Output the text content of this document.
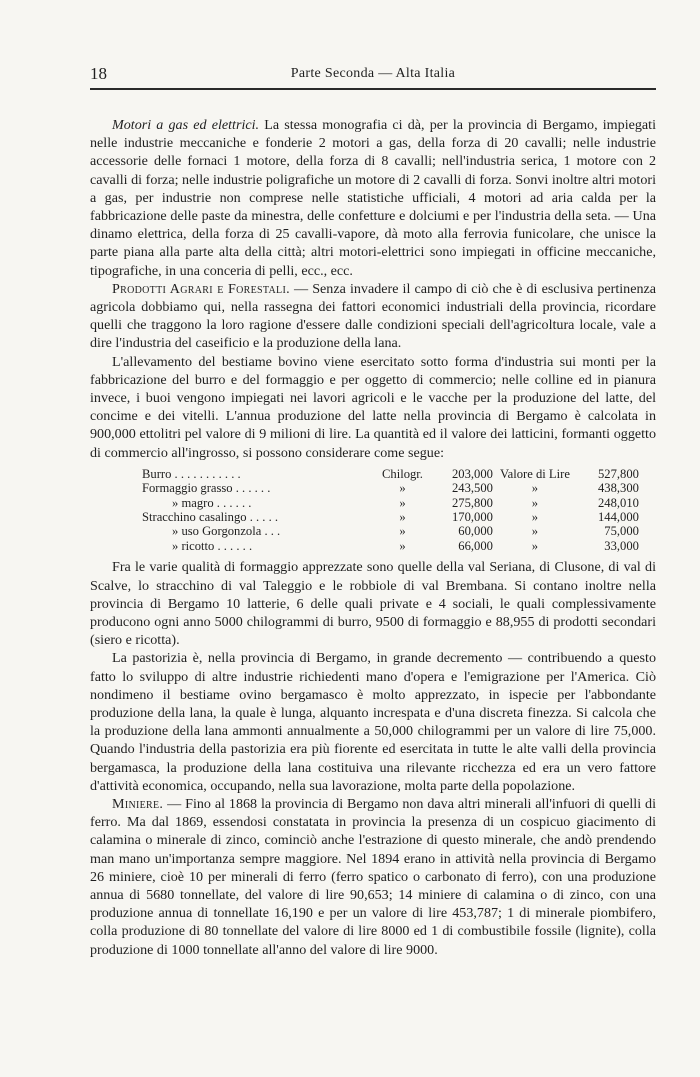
18	Parte Seconda — Alta Italia

Motori a gas ed elettrici. La stessa monografia ci dà, per la provincia di Bergamo, impiegati nelle industrie meccaniche e fonderie 2 motori a gas, della forza di 20 cavalli; nelle industrie accessorie delle fornaci 1 motore, della forza di 8 cavalli; nell'industria serica, 1 motore con 2 cavalli di forza; nelle industrie poligrafiche un motore di 2 cavalli di forza. Sonvi inoltre altri motori a gas, per industrie non comprese nelle statistiche ufficiali, 4 motori ad aria calda per la fabbricazione delle paste da minestra, delle confetture e dolciumi e per l'industria della seta. — Una dinamo elettrica, della forza di 25 cavalli-vapore, dà moto alla ferrovia funicolare, che unisce la parte piana alla parte alta della città; altri motori-elettrici sono impiegati in officine meccaniche, tipografiche, in una conceria di pelli, ecc., ecc.

Prodotti Agrari e Forestali. — Senza invadere il campo di ciò che è di esclusiva pertinenza agricola dobbiamo qui, nella rassegna dei fattori economici industriali della provincia, ricordare quelli che traggono la loro ragione d'essere dalle condizioni speciali dell'agricoltura locale, vale a dire l'industria del caseificio e la produzione della lana.

L'allevamento del bestiame bovino viene esercitato sotto forma d'industria sui monti per la fabbricazione del burro e del formaggio e per oggetto di commercio; nelle colline ed in pianura invece, i buoi vengono impiegati nei lavori agricoli e le vacche per la produzione del latte, del concime e dei vitelli. L'annua produzione del latte nella provincia di Bergamo è calcolata in 900,000 ettolitri pel valore di 9 milioni di lire. La quantità ed il valore dei latticini, formanti oggetto di commercio all'ingrosso, si possono considerare come segue:

Burro . . . . . . . . . . .	Chilogr.	203,000	Valore di Lire	527,800
Formaggio grasso . . . . . .	»	243,500	»	438,300
» magro . . . . . .	»	275,800	»	248,010
Stracchino casalingo . . . . .	»	170,000	»	144,000
» uso Gorgonzola . . .	»	60,000	»	75,000
» ricotto . . . . . .	»	66,000	»	33,000

Fra le varie qualità di formaggio apprezzate sono quelle della val Seriana, di Clusone, di val di Scalve, lo stracchino di val Taleggio e le robbiole di val Brembana. Si contano inoltre nella provincia di Bergamo 10 latterie, 6 delle quali private e 4 sociali, le quali complessivamente producono ogni anno 5000 chilogrammi di burro, 9500 di formaggio e 88,955 di prodotti secondari (siero e ricotta).

La pastorizia è, nella provincia di Bergamo, in grande decremento — contribuendo a questo fatto lo sviluppo di altre industrie richiedenti mano d'opera e l'emigrazione per l'America. Ciò nondimeno il bestiame ovino bergamasco è molto apprezzato, in ispecie per l'abbondante produzione della lana, la quale è lunga, alquanto increspata e d'una discreta finezza. Si calcola che la produzione della lana ammonti annualmente a 50,000 chilogrammi per un valore di lire 75,000. Quando l'industria della pastorizia era più fiorente ed esercitata in tutte le alte valli della provincia bergamasca, la produzione della lana costituiva una rilevante ricchezza ed era un vero fattore d'attività economica, occupando, nella sua lavorazione, molta parte della popolazione.

Miniere. — Fino al 1868 la provincia di Bergamo non dava altri minerali all'infuori di quelli di ferro. Ma dal 1869, essendosi constatata in provincia la presenza di un cospicuo giacimento di calamina o minerale di zinco, cominciò anche l'estrazione di questo minerale, che andò prendendo man mano un'importanza sempre maggiore. Nel 1894 erano in attività nella provincia di Bergamo 26 miniere, cioè 10 per minerali di ferro (ferro spatico o carbonato di ferro), con una produzione annua di 5680 tonnellate, del valore di lire 90,653; 14 miniere di calamina o di zinco, con una produzione annua di tonnellate 16,190 e per un valore di lire 453,787; 1 di minerale piombifero, colla produzione di 80 tonnellate del valore di lire 8000 ed 1 di combustibile fossile (lignite), colla produzione di 1000 tonnellate all'anno del valore di lire 9000.
